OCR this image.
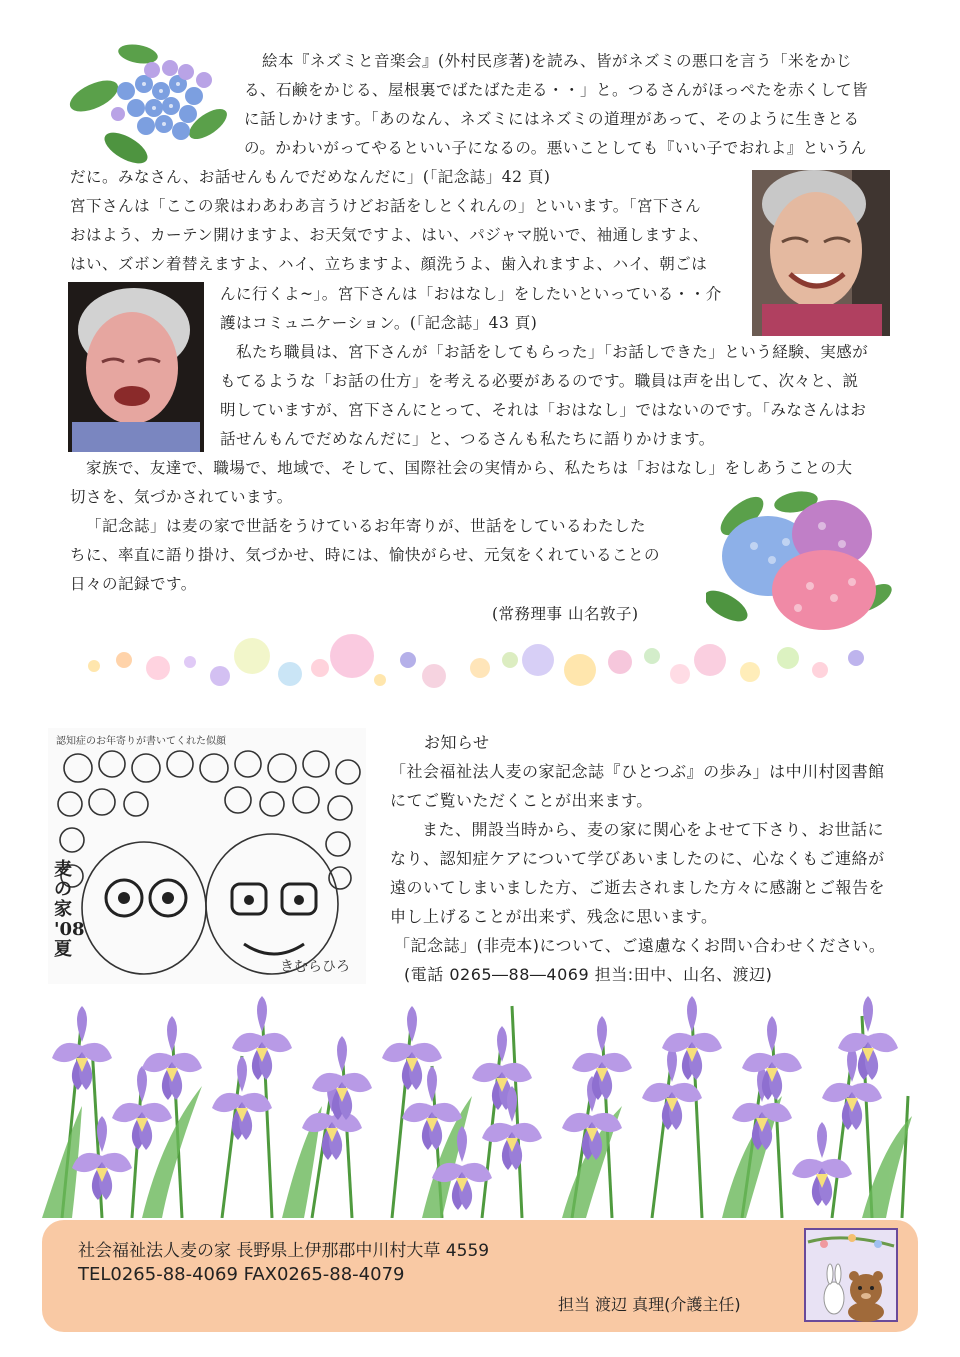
絵本『ネズミと音楽会』(外村民彦著)を読み、皆がネズミの悪口を言う「米をかじ
る、石鹸をかじる、屋根裏でばたばた走る・・」と。つるさんがほっぺたを赤くして皆
に話しかけます。「あのなん、ネズミにはネズミの道理があって、そのように生きとる
の。かわいがってやるといい子になるの。悪いことしても『いい子でおれよ』というん
だに。みなさん、お話せんもんでだめなんだに」(「記念誌」42 頁)
宮下さんは「ここの衆はわあわあ言うけどお話をしとくれんの」といいます。「宮下さん
おはよう、カーテン開けますよ、お天気ですよ、はい、パジャマ脱いで、袖通しますよ、
はい、ズボン着替えますよ、ハイ、立ちますよ、顔洗うよ、歯入れますよ、ハイ、朝ごは
んに行くよ~」。宮下さんは「おはなし」をしたいといっている・・介
護はコミュニケーション。(「記念誌」43 頁)
私たち職員は、宮下さんが「お話をしてもらった」「お話しできた」という経験、実感が
もてるような「お話の仕方」を考える必要があるのです。職員は声を出して、次々と、説
明していますが、宮下さんにとって、それは「おはなし」ではないのです。「みなさんはお
話せんもんでだめなんだに」と、つるさんも私たちに語りかけます。
家族で、友達で、職場で、地域で、そして、国際社会の実情から、私たちは「おはなし」をしあうことの大
切さを、気づかされています。
「記念誌」は麦の家で世話をうけているお年寄りが、世話をしているわたした
ちに、率直に語り掛け、気づかせ、時には、愉快がらせ、元気をくれていることの
日々の記録です。
(常務理事 山名敦子)
認知症のお年寄りが書いてくれた似顔
麦の家 '08夏
きむらひろ
お知らせ
「社会福祉法人麦の家記念誌『ひとつぶ』の歩み」は中川村図書館
にてご覧いただくことが出来ます。
また、開設当時から、麦の家に関心をよせて下さり、お世話に
なり、認知症ケアについて学びあいましたのに、心なくもご連絡が
遠のいてしまいました方、ご逝去されました方々に感謝とご報告を
申し上げることが出来ず、残念に思います。
「記念誌」(非売本)について、ご遠慮なくお問い合わせください。
(電話 0265―88―4069 担当:田中、山名、渡辺)
社会福祉法人麦の家 長野県上伊那郡中川村大草 4559
TEL0265-88-4069 FAX0265-88-4079
担当 渡辺 真理(介護主任)
